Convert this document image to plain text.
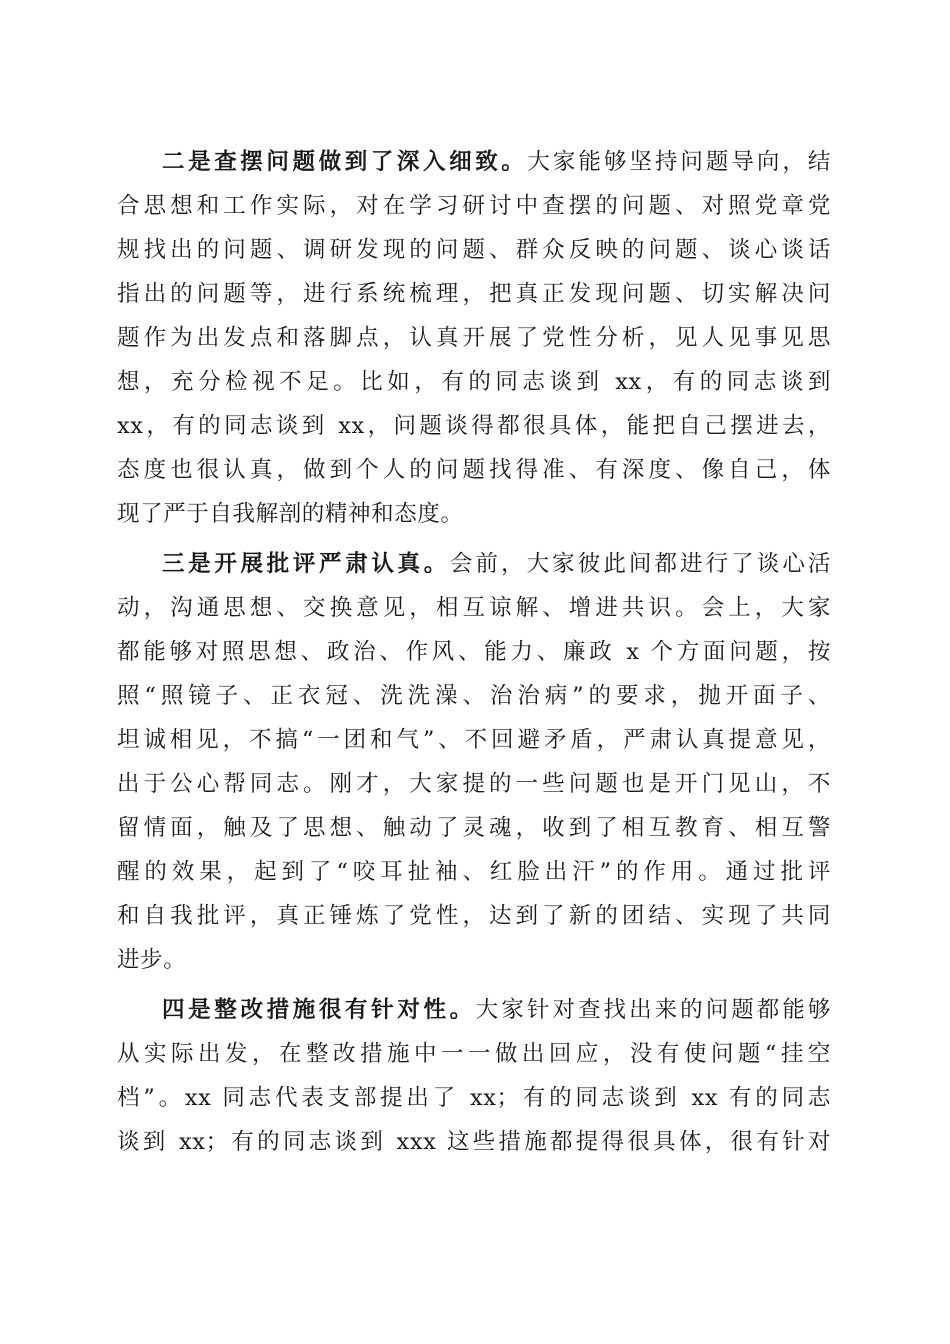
二是查摆问题做到了深入细致。大家能够坚持问题导向，结
合思想和工作实际，对在学习研讨中查摆的问题、对照党章党
规找出的问题、调研发现的问题、群众反映的问题、谈心谈话
指出的问题等，进行系统梳理，把真正发现问题、切实解决问
题作为出发点和落脚点，认真开展了党性分析，见人见事见思
想，充分检视不足。比如，有的同志谈到 xx，有的同志谈到
xx，有的同志谈到 xx，问题谈得都很具体，能把自己摆进去，
态度也很认真，做到个人的问题找得准、有深度、像自己，体
现了严于自我解剖的精神和态度。
三是开展批评严肃认真。会前，大家彼此间都进行了谈心活
动，沟通思想、交换意见，相互谅解、增进共识。会上，大家
都能够对照思想、政治、作风、能力、廉政 x 个方面问题，按
照“照镜子、正衣冠、洗洗澡、治治病”的要求，抛开面子、
坦诚相见，不搞“一团和气”、不回避矛盾，严肃认真提意见，
出于公心帮同志。刚才，大家提的一些问题也是开门见山，不
留情面，触及了思想、触动了灵魂，收到了相互教育、相互警
醒的效果，起到了“咬耳扯袖、红脸出汗”的作用。通过批评
和自我批评，真正锤炼了党性，达到了新的团结、实现了共同
进步。
四是整改措施很有针对性。大家针对查找出来的问题都能够
从实际出发，在整改措施中一一做出回应，没有使问题“挂空
档”。xx 同志代表支部提出了 xx；有的同志谈到 xx 有的同志
谈到 xx；有的同志谈到 xxx 这些措施都提得很具体，很有针对
